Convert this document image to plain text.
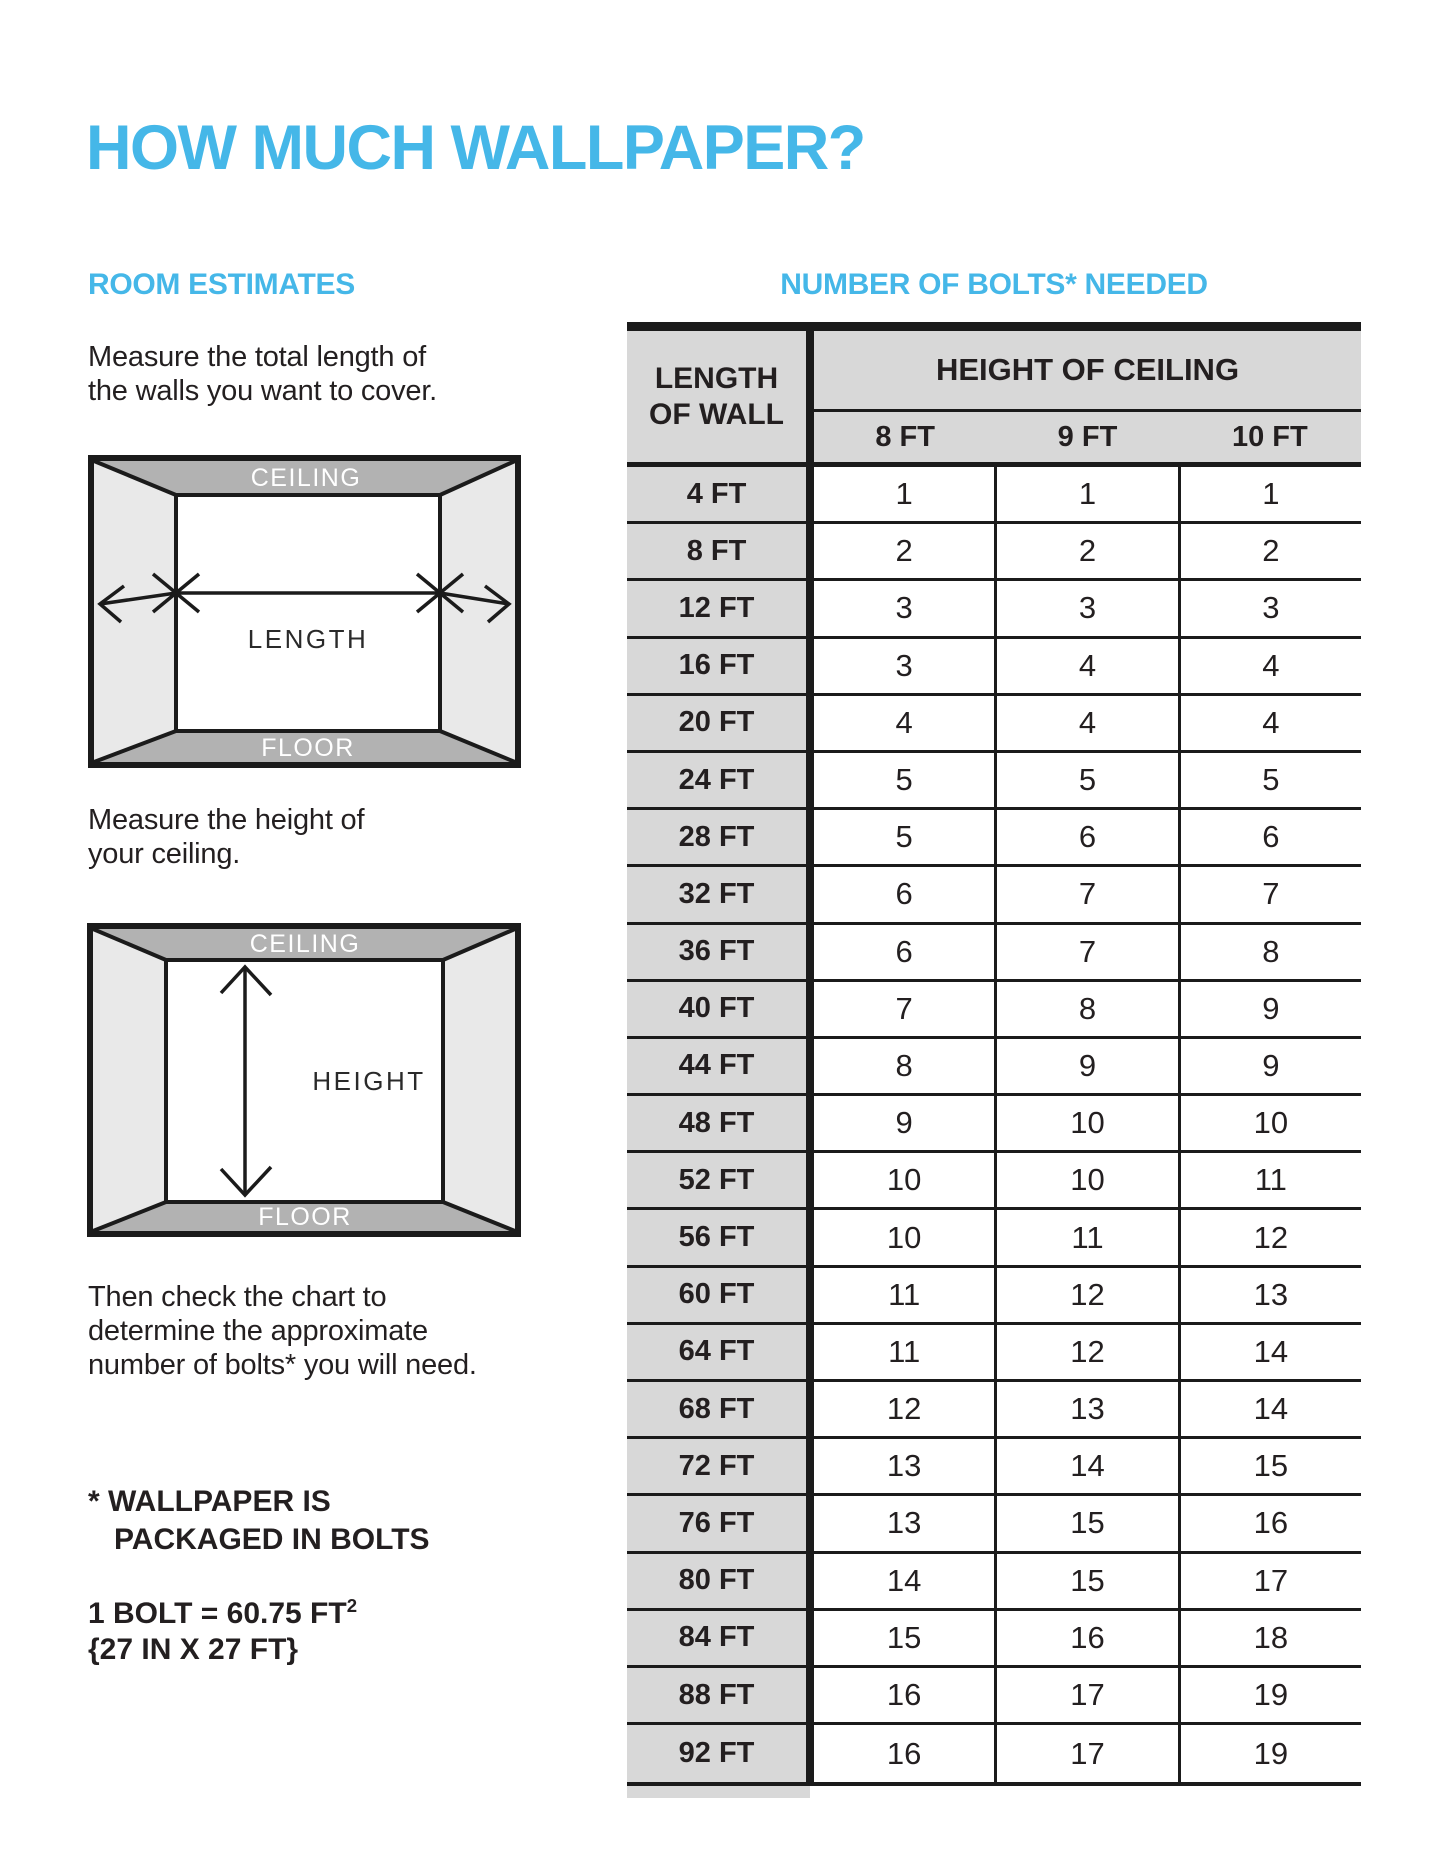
HOW MUCH WALLPAPER?
ROOM ESTIMATES	NUMBER OF BOLTS* NEEDED
Measure the total length of
the walls you want to cover.
CEILING
LENGTH
FLOOR
Measure the height of
your ceiling.
CEILING
HEIGHT
FLOOR
Then check the chart to
determine the approximate
number of bolts* you will need.
* WALLPAPER IS
PACKAGED IN BOLTS
1 BOLT = 60.75 $FT^2$
{27 IN X 27 FT}
LENGTH
OF WALL
HEIGHT OF CEILING
8 FT	9 FT	10 FT
4 FT	1	1	1
8 FT	2	2	2
12 FT	3	3	3
16 FT	3	4	4
20 FT	4	4	4
24 FT	5	5	5
28 FT	5	6	6
32 FT	6	7	7
36 FT	6	7	8
40 FT	7	8	9
44 FT	8	9	9
48 FT	9	10	10
52 FT	10	10	11
56 FT	10	11	12
60 FT	11	12	13
64 FT	11	12	14
68 FT	12	13	14
72 FT	13	14	15
76 FT	13	15	16
80 FT	14	15	17
84 FT	15	16	18
88 FT	16	17	19
92 FT	16	17	19
